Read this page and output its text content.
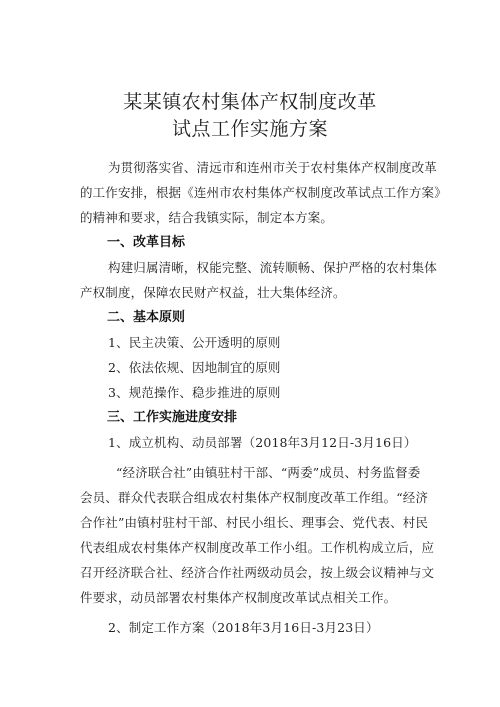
某某镇农村集体产权制度改革
试点工作实施方案
为贯彻落实省、清远市和连州市关于农村集体产权制度改革
的工作安排，根据《连州市农村集体产权制度改革试点工作方案》
的精神和要求，结合我镇实际，制定本方案。
一、改革目标
构建归属清晰，权能完整、流转顺畅、保护严格的农村集体
产权制度，保障农民财产权益，壮大集体经济。
二、基本原则
1、民主决策、公开透明的原则
2、依法依规、因地制宜的原则
3、规范操作、稳步推进的原则
三、工作实施进度安排
1、成立机构、动员部署（2018年3月12日-3月16日）
“经济联合社”由镇驻村干部、“两委”成员、村务监督委
会员、群众代表联合组成农村集体产权制度改革工作组。“经济
合作社”由镇村驻村干部、村民小组长、理事会、党代表、村民
代表组成农村集体产权制度改革工作小组。工作机构成立后，应
召开经济联合社、经济合作社两级动员会，按上级会议精神与文
件要求，动员部署农村集体产权制度改革试点相关工作。
2、制定工作方案（2018年3月16日-3月23日）
